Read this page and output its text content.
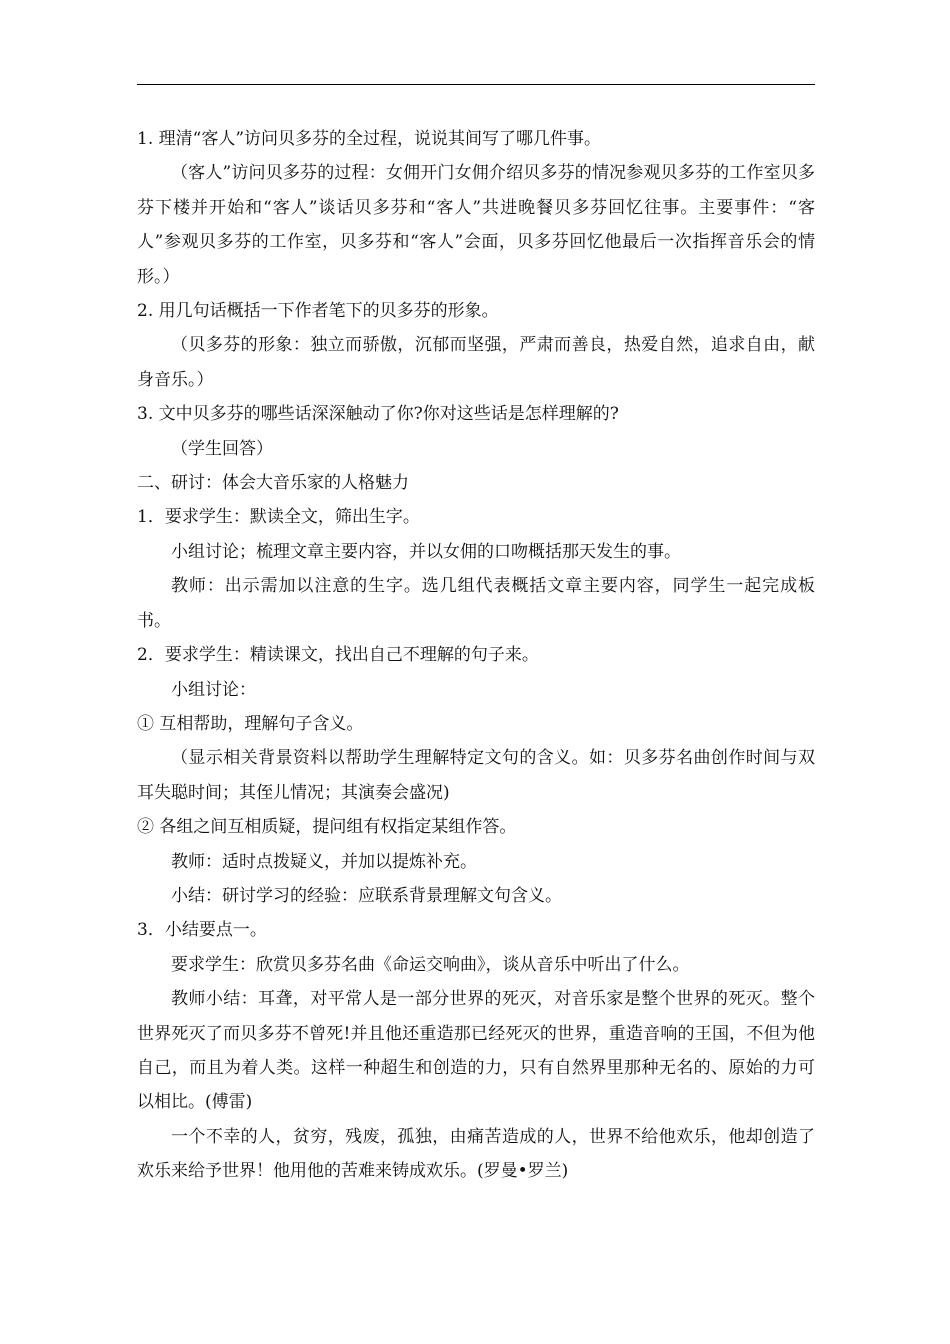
1. 理清“客人”访问贝多芬的全过程，说说其间写了哪几件事。

（客人”访问贝多芬的过程：女佣开门女佣介绍贝多芬的情况参观贝多芬的工作室贝多芬下楼并开始和“客人”谈话贝多芬和“客人”共进晚餐贝多芬回忆往事。主要事件：“客人”参观贝多芬的工作室，贝多芬和“客人”会面，贝多芬回忆他最后一次指挥音乐会的情形。）

2. 用几句话概括一下作者笔下的贝多芬的形象。

（贝多芬的形象：独立而骄傲，沉郁而坚强，严肃而善良，热爱自然，追求自由，献身音乐。）

3. 文中贝多芬的哪些话深深触动了你?你对这些话是怎样理解的?

（学生回答）

二、研讨：体会大音乐家的人格魅力

1．要求学生：默读全文，筛出生字。

小组讨论；梳理文章主要内容，并以女佣的口吻概括那天发生的事。

教师：出示需加以注意的生字。选几组代表概括文章主要内容，同学生一起完成板书。

2．要求学生：精读课文，找出自己不理解的句子来。

小组讨论：

① 互相帮助，理解句子含义。

（显示相关背景资料以帮助学生理解特定文句的含义。如：贝多芬名曲创作时间与双耳失聪时间；其侄儿情况；其演奏会盛况)

② 各组之间互相质疑，提问组有权指定某组作答。

教师：适时点拨疑义，并加以提炼补充。

小结：研讨学习的经验：应联系背景理解文句含义。

3．小结要点一。

要求学生：欣赏贝多芬名曲《命运交响曲》，谈从音乐中听出了什么。

教师小结：耳聋，对平常人是一部分世界的死灭，对音乐家是整个世界的死灭。整个世界死灭了而贝多芬不曾死!并且他还重造那已经死灭的世界，重造音响的王国，不但为他自己，而且为着人类。这样一种超生和创造的力，只有自然界里那种无名的、原始的力可以相比。(傅雷)

一个不幸的人，贫穷，残废，孤独，由痛苦造成的人，世界不给他欢乐，他却创造了欢乐来给予世界！他用他的苦难来铸成欢乐。(罗曼•罗兰)
